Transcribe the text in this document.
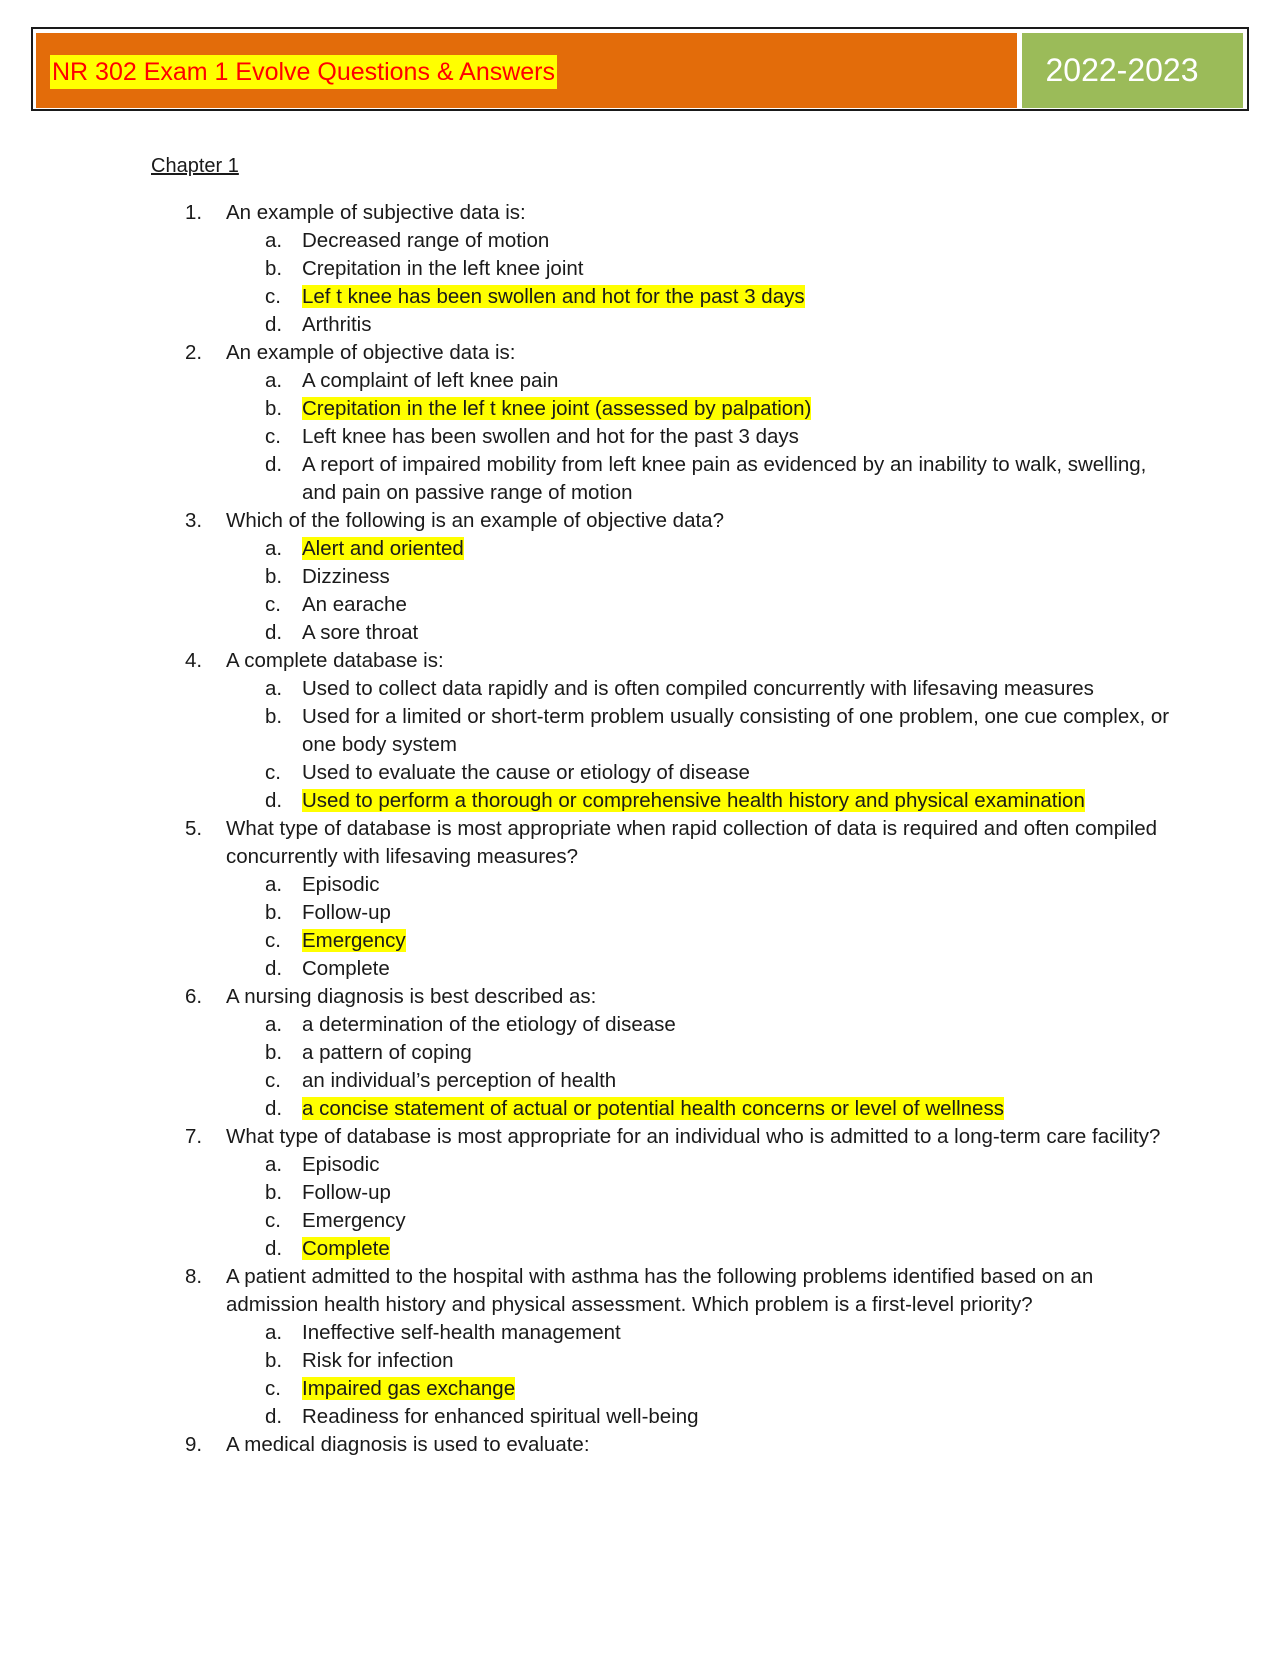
NR 302 Exam 1 Evolve Questions & Answers	2022-2023
Chapter 1
1. An example of subjective data is:
a. Decreased range of motion
b. Crepitation in the left knee joint
c. Lef t knee has been swollen and hot for the past 3 days
d. Arthritis
2. An example of objective data is:
a. A complaint of left knee pain
b. Crepitation in the lef t knee joint (assessed by palpation)
c. Left knee has been swollen and hot for the past 3 days
d. A report of impaired mobility from left knee pain as evidenced by an inability to walk, swelling, and pain on passive range of motion
3. Which of the following is an example of objective data?
a. Alert and oriented
b. Dizziness
c. An earache
d. A sore throat
4. A complete database is:
a. Used to collect data rapidly and is often compiled concurrently with lifesaving measures
b. Used for a limited or short-term problem usually consisting of one problem, one cue complex, or one body system
c. Used to evaluate the cause or etiology of disease
d. Used to perform a thorough or comprehensive health history and physical examination
5. What type of database is most appropriate when rapid collection of data is required and often compiled concurrently with lifesaving measures?
a. Episodic
b. Follow-up
c. Emergency
d. Complete
6. A nursing diagnosis is best described as:
a. a determination of the etiology of disease
b. a pattern of coping
c. an individual’s perception of health
d. a concise statement of actual or potential health concerns or level of wellness
7. What type of database is most appropriate for an individual who is admitted to a long-term care facility?
a. Episodic
b. Follow-up
c. Emergency
d. Complete
8. A patient admitted to the hospital with asthma has the following problems identified based on an admission health history and physical assessment. Which problem is a first-level priority?
a. Ineffective self-health management
b. Risk for infection
c. Impaired gas exchange
d. Readiness for enhanced spiritual well-being
9. A medical diagnosis is used to evaluate:
